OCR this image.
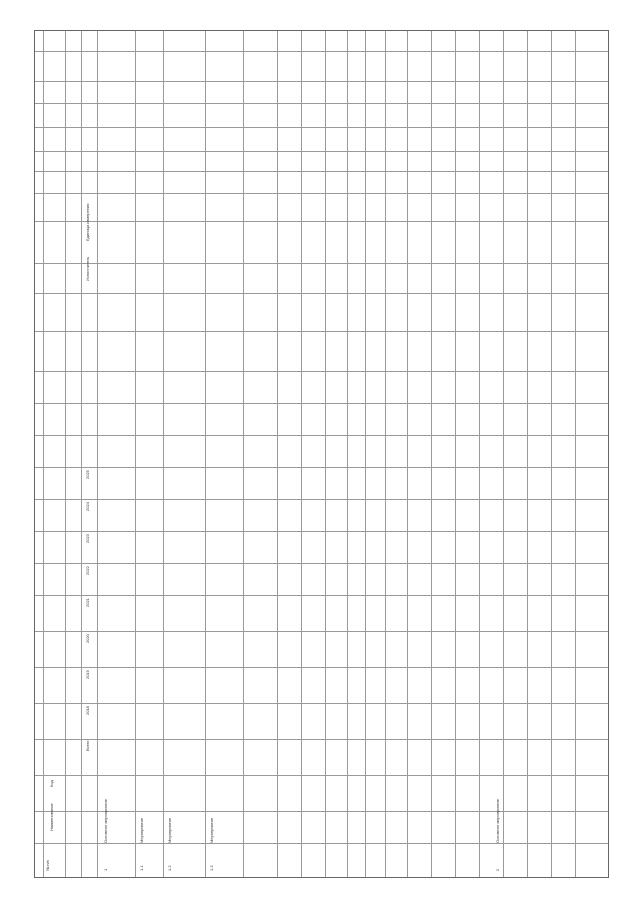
№ п/п
Наименование
Код
Всего
2018
2019
2020
2021
2022
2023
2024
2025
Исполнитель
Единица измерения
1
Основное мероприятие
1.1
Мероприятие
1.2
Мероприятие
1.3
Мероприятие
2
Основное мероприятие
